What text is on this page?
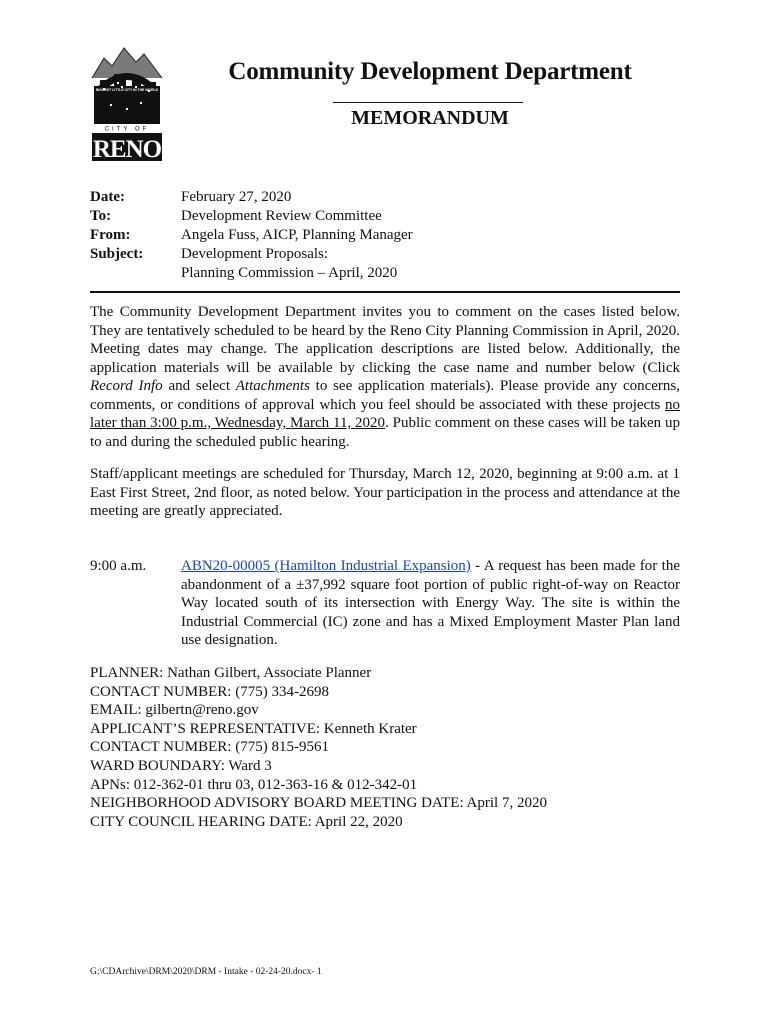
CITY OF
RENO
BIGGEST LITTLE CITY IN THE WORLD
Community Development Department
MEMORANDUM
Date:	February 27, 2020
To:	Development Review Committee
From:	Angela Fuss, AICP, Planning Manager
Subject:	Development Proposals:
Planning Commission – April, 2020
The Community Development Department invites you to comment on the cases listed below. They are tentatively scheduled to be heard by the Reno City Planning Commission in April, 2020. Meeting dates may change. The application descriptions are listed below. Additionally, the application materials will be available by clicking the case name and number below (Click Record Info and select Attachments to see application materials). Please provide any concerns, comments, or conditions of approval which you feel should be associated with these projects no later than 3:00 p.m., Wednesday, March 11, 2020. Public comment on these cases will be taken up to and during the scheduled public hearing.
Staff/applicant meetings are scheduled for Thursday, March 12, 2020, beginning at 9:00 a.m. at 1 East First Street, 2nd floor, as noted below. Your participation in the process and attendance at the meeting are greatly appreciated.
9:00 a.m.	ABN20-00005 (Hamilton Industrial Expansion) - A request has been made for the abandonment of a ±37,992 square foot portion of public right-of-way on Reactor Way located south of its intersection with Energy Way. The site is within the Industrial Commercial (IC) zone and has a Mixed Employment Master Plan land use designation.
PLANNER: Nathan Gilbert, Associate Planner
CONTACT NUMBER: (775) 334-2698
EMAIL: gilbertn@reno.gov
APPLICANT’S REPRESENTATIVE: Kenneth Krater
CONTACT NUMBER: (775) 815-9561
WARD BOUNDARY: Ward 3
APNs: 012-362-01 thru 03, 012-363-16 & 012-342-01
NEIGHBORHOOD ADVISORY BOARD MEETING DATE: April 7, 2020
CITY COUNCIL HEARING DATE: April 22, 2020
G:\CDArchive\DRM\2020\DRM - Intake - 02-24-20.docx- 1
